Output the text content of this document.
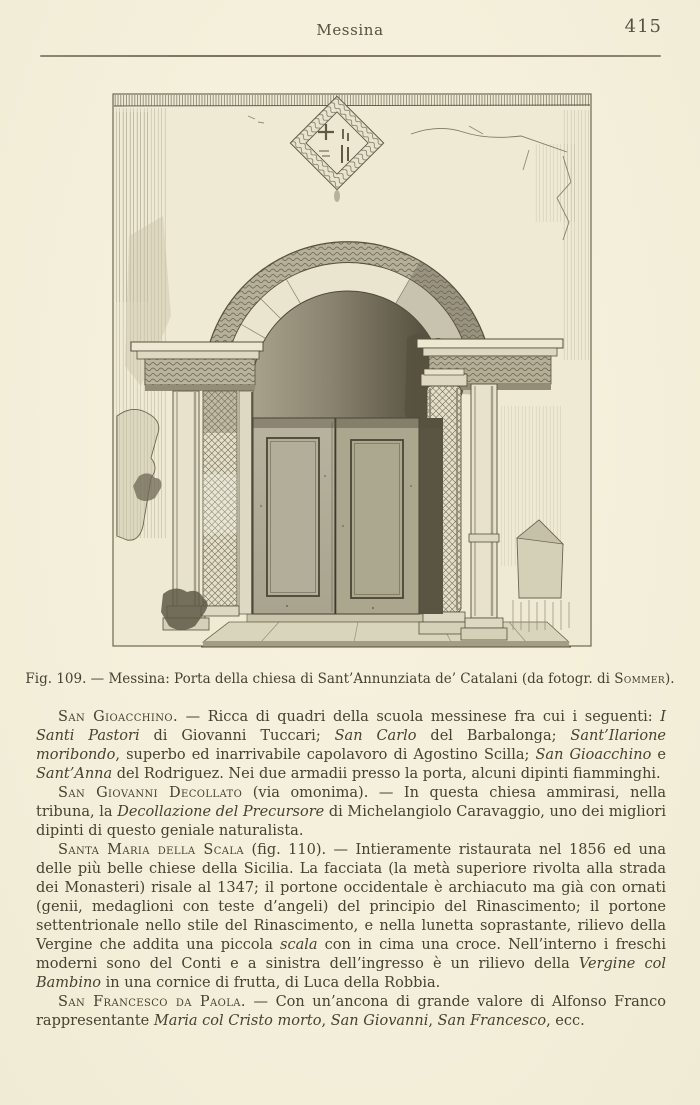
Messina	415
Fig. 109. — Messina: Porta della chiesa di Sant’Annunziata de’ Catalani (da fotogr. di Sommer).

San Gioacchino. — Ricca di quadri della scuola messinese fra cui i seguenti: I Santi Pastori di Giovanni Tuccari; San Carlo del Barbalonga; Sant’Ilarione moribondo, superbo ed inarrivabile capolavoro di Agostino Scilla; San Gioacchino e Sant’Anna del Rodriguez. Nei due armadii presso la porta, alcuni dipinti fiamminghi.

San Giovanni Decollato (via omonima). — In questa chiesa ammirasi, nella tribuna, la Decollazione del Precursore di Michelangiolo Caravaggio, uno dei migliori dipinti di questo geniale naturalista.

Santa Maria della Scala (fig. 110). — Intieramente ristaurata nel 1856 ed una delle più belle chiese della Sicilia. La facciata (la metà superiore rivolta alla strada dei Monasteri) risale al 1347; il portone occidentale è archiacuto ma già con ornati (genii, medaglioni con teste d’angeli) del principio del Rinascimento; il portone settentrionale nello stile del Rinascimento, e nella lunetta soprastante, rilievo della Vergine che addita una piccola scala con in cima una croce. Nell’interno i freschi moderni sono del Conti e a sinistra dell’ingresso è un rilievo della Vergine col Bambino in una cornice di frutta, di Luca della Robbia.

San Francesco da Paola. — Con un’ancona di grande valore di Alfonso Franco rappresentante Maria col Cristo morto, San Giovanni, San Francesco, ecc.
